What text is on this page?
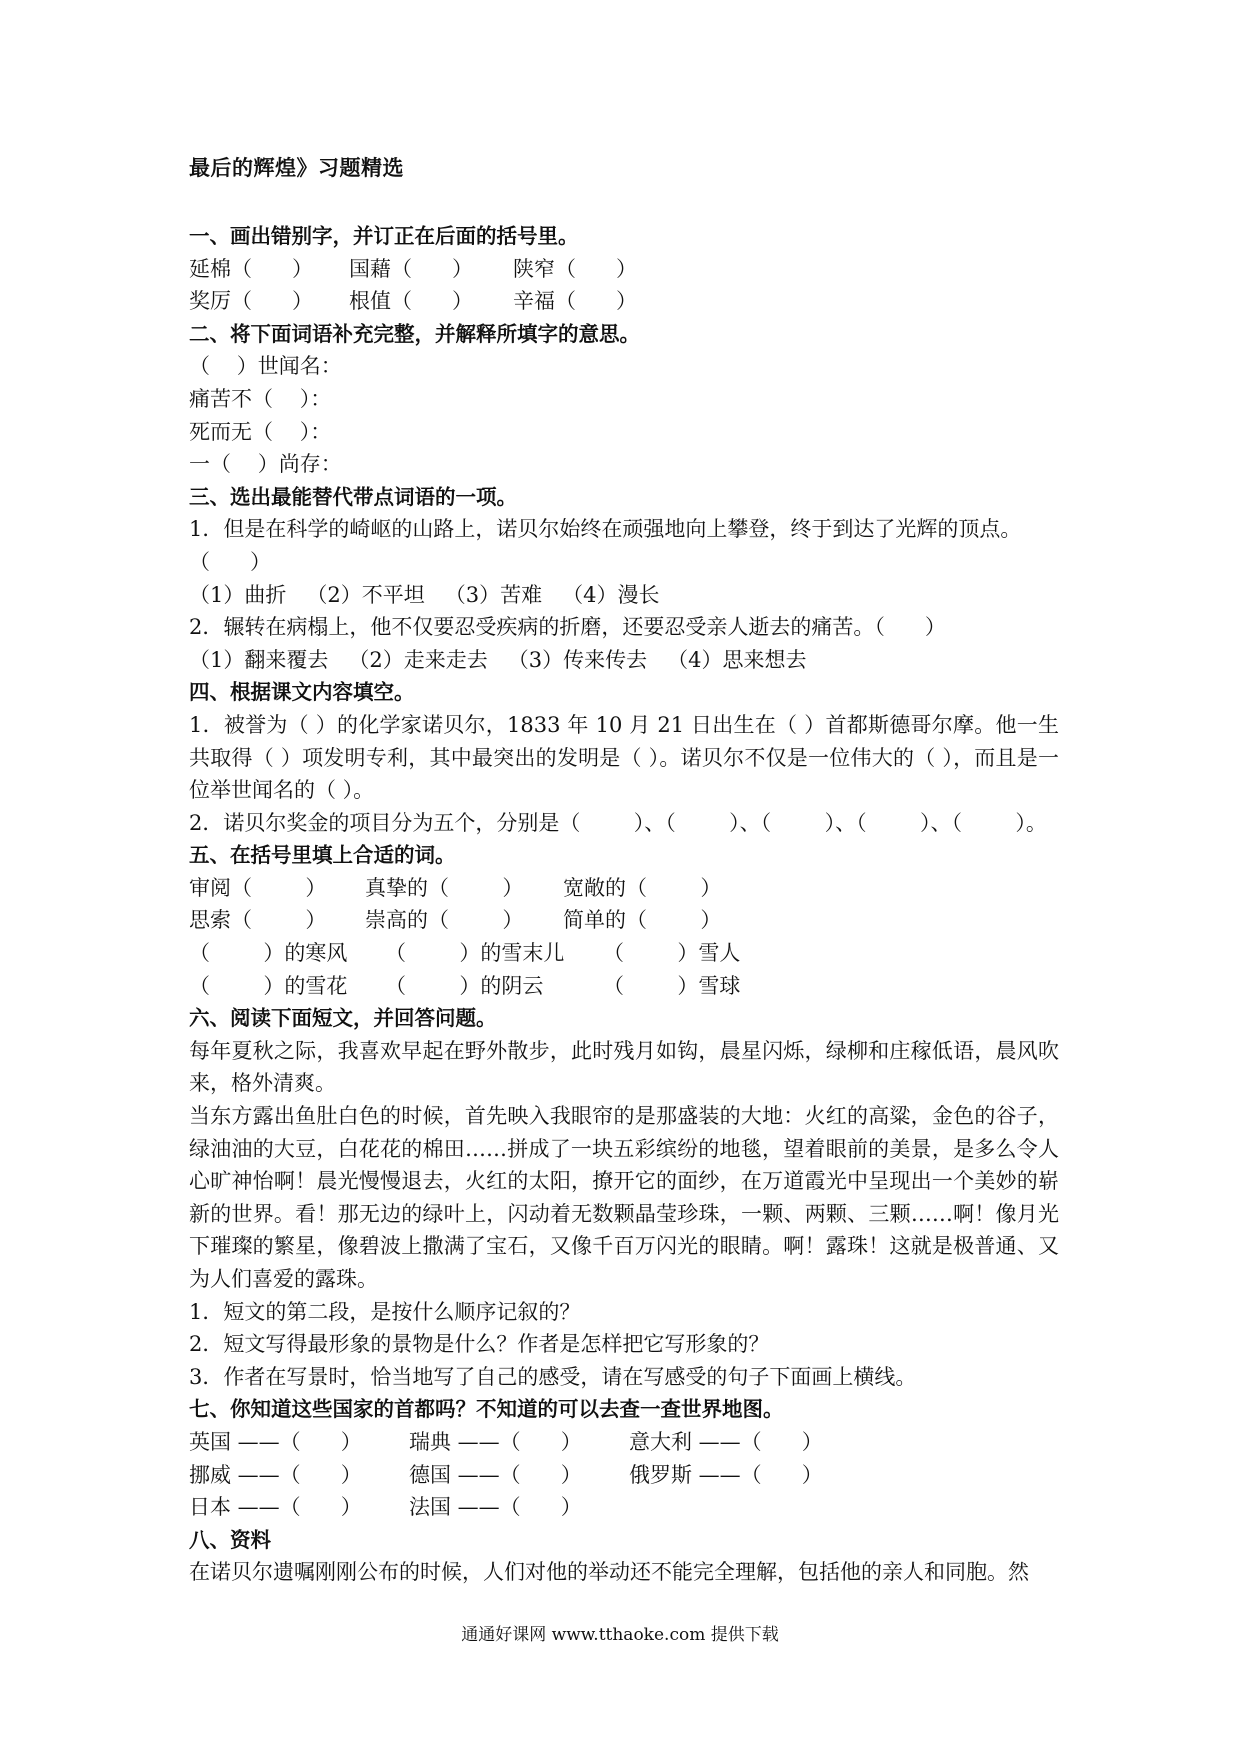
最后的辉煌》习题精选

一、画出错别字，并订正在后面的括号里。

延棉（      ）	国藉（      ）	陕窄（      ）
奖厉（      ）	根值（      ）	辛福（      ）

二、将下面词语补充完整，并解释所填字的意思。

（    ）世闻名：

痛苦不（    ）：

死而无（    ）：

一（    ）尚存：

三、选出最能替代带点词语的一项。

1．但是在科学的崎岖的山路上，诺贝尔始终在顽强地向上攀登，终于到达了光辉的顶点。

（      ）

（1）曲折   （2）不平坦   （3）苦难   （4）漫长

2．辗转在病榻上，他不仅要忍受疾病的折磨，还要忍受亲人逝去的痛苦。（      ）

（1）翻来覆去   （2）走来走去   （3）传来传去   （4）思来想去

四、根据课文内容填空。

1．被誉为（ ）的化学家诺贝尔，1833 年 10 月 21 日出生在（ ）首都斯德哥尔摩。他一生共取得（ ）项发明专利，其中最突出的发明是（ ）。诺贝尔不仅是一位伟大的（ ），而且是一位举世闻名的（ ）。

2．诺贝尔奖金的项目分为五个，分别是（        ）、（        ）、（        ）、（        ）、（        ）。

五、在括号里填上合适的词。

审阅（        ）	真挚的（        ）	宽敞的（        ）
思索（        ）	崇高的（        ）	简单的（        ）
（        ）的寒风	（        ）的雪末儿	（        ）雪人
（        ）的雪花	（        ）的阴云	（        ）雪球

六、阅读下面短文，并回答问题。

每年夏秋之际，我喜欢早起在野外散步，此时残月如钩，晨星闪烁，绿柳和庄稼低语，晨风吹来，格外清爽。

当东方露出鱼肚白色的时候，首先映入我眼帘的是那盛装的大地：火红的高粱，金色的谷子，绿油油的大豆，白花花的棉田……拼成了一块五彩缤纷的地毯，望着眼前的美景，是多么令人心旷神怡啊！晨光慢慢退去，火红的太阳，撩开它的面纱，在万道霞光中呈现出一个美妙的崭新的世界。看！那无边的绿叶上，闪动着无数颗晶莹珍珠，一颗、两颗、三颗……啊！像月光下璀璨的繁星，像碧波上撒满了宝石，又像千百万闪光的眼睛。啊！露珠！这就是极普通、又为人们喜爱的露珠。

1．短文的第二段，是按什么顺序记叙的？

2．短文写得最形象的景物是什么？作者是怎样把它写形象的？

3．作者在写景时，恰当地写了自己的感受，请在写感受的句子下面画上横线。

七、你知道这些国家的首都吗？不知道的可以去查一查世界地图。

英国 ——（      ）	瑞典 ——（      ）	意大利 ——（      ）
挪威 ——（      ）	德国 ——（      ）	俄罗斯 ——（      ）
日本 ——（      ）	法国 ——（      ）

八、资料

在诺贝尔遗嘱刚刚公布的时候，人们对他的举动还不能完全理解，包括他的亲人和同胞。然

通通好课网 www.tthaoke.com 提供下载
